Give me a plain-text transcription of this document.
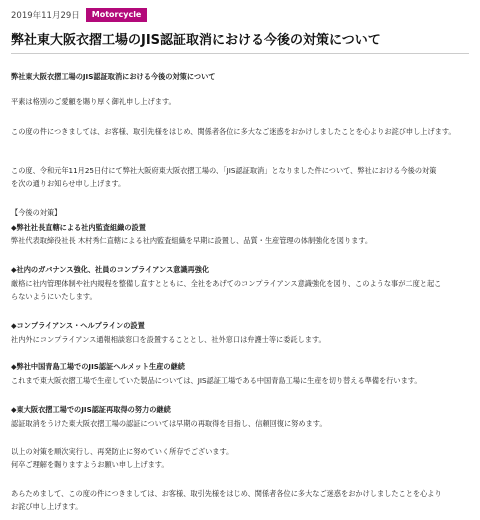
2019年11月29日	Motorcycle
弊社東大阪衣摺工場のJIS認証取消における今後の対策について

弊社東大阪衣摺工場のJIS認証取消における今後の対策について

平素は格別のご愛顧を賜り厚く御礼申し上げます。

この度の件につきましては、お客様、取引先様をはじめ、関係者各位に多大なご迷惑をおかけしましたことを心よりお詫び申し上げます。

この度、令和元年11月25日付にて弊社大阪府東大阪衣摺工場の、「JIS認証取消」となりました件について、弊社における今後の対策

を次の通りお知らせ申し上げます。

【今後の対策】

◆弊社社長直轄による社内監査組織の設置

弊社代表取締役社長 木村秀仁直轄による社内監査組織を早期に設置し、品質・生産管理の体制強化を図ります。

◆社内のガバナンス強化、社員のコンプライアンス意識再強化

厳格に社内管理体制や社内規程を整備し直すとともに、全社をあげてのコンプライアンス意識強化を図り、このような事が二度と起こ

らないようにいたします。

◆コンプライアンス・ヘルプラインの設置

社内外にコンプライアンス通報相談窓口を設置することとし、社外窓口は弁護士等に委託します。

◆弊社中国青島工場でのJIS認証ヘルメット生産の継続

これまで東大阪衣摺工場で生産していた製品については、JIS認証工場である中国青島工場に生産を切り替える準備を行います。

◆東大阪衣摺工場でのJIS認証再取得の努力の継続

認証取消をうけた東大阪衣摺工場の認証については早期の再取得を目指し、信頼回復に努めます。

以上の対策を順次実行し、再発防止に努めていく所存でございます。

何卒ご理解を賜りますようお願い申し上げます。

あらためまして、この度の件につきましては、お客様、取引先様をはじめ、関係者各位に多大なご迷惑をおかけしましたことを心より

お詫び申し上げます。
